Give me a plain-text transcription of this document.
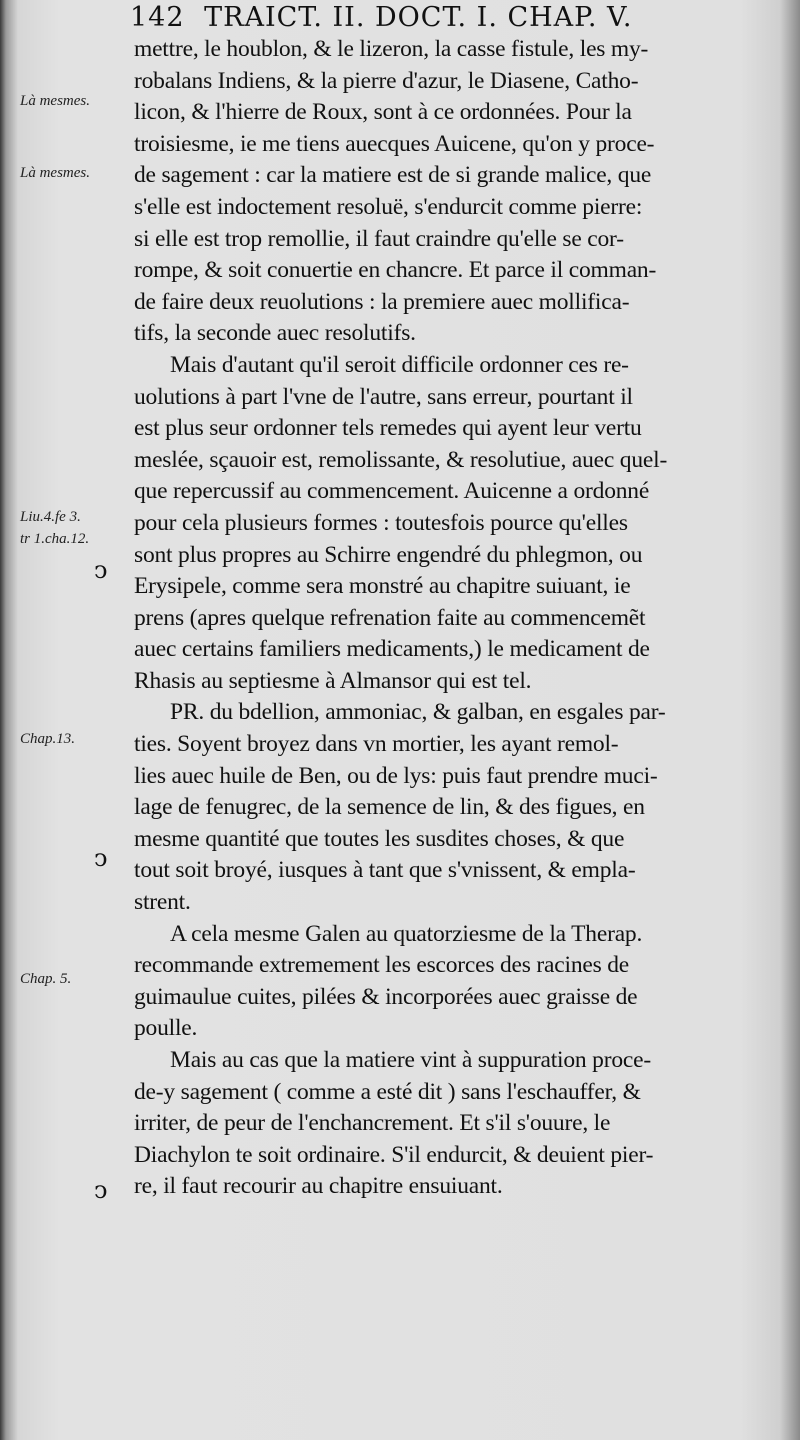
142 TRAICT. II. DOCT. I. CHAP. V.
Là mesmes.
Là mesmes.
Liu.4.fe 3.
tr 1.cha.12.
Chap.13.
Chap. 5.
ↄ
ↄ
ↄ
mettre, le houblon, & le lizeron, la casse fistule, les my-
robalans Indiens, & la pierre d'azur, le Diasene, Catho-
licon, & l'hierre de Roux, sont à ce ordonnées. Pour la
troisiesme, ie me tiens auecques Auicene, qu'on y proce-
de sagement : car la matiere est de si grande malice, que
s'elle est indoctement resoluë, s'endurcit comme pierre:
si elle est trop remollie, il faut craindre qu'elle se cor-
rompe, & soit conuertie en chancre. Et parce il comman-
de faire deux reuolutions : la premiere auec mollifica-
tifs, la seconde auec resolutifs.
Mais d'autant qu'il seroit difficile ordonner ces re-
uolutions à part l'vne de l'autre, sans erreur, pourtant il
est plus seur ordonner tels remedes qui ayent leur vertu
meslée, sçauoir est, remolissante, & resolutiue, auec quel-
que repercussif au commencement. Auicenne a ordonné
pour cela plusieurs formes : toutesfois pource qu'elles
sont plus propres au Schirre engendré du phlegmon, ou
Erysipele, comme sera monstré au chapitre suiuant, ie
prens (apres quelque refrenation faite au commencemẽt
auec certains familiers medicaments,) le medicament de
Rhasis au septiesme à Almansor qui est tel.
PR. du bdellion, ammoniac, & galban, en esgales par-
ties. Soyent broyez dans vn mortier, les ayant remol-
lies auec huile de Ben, ou de lys: puis faut prendre muci-
lage de fenugrec, de la semence de lin, & des figues, en
mesme quantité que toutes les susdites choses, & que
tout soit broyé, iusques à tant que s'vnissent, & empla-
strent.
A cela mesme Galen au quatorziesme de la Therap.
recommande extremement les escorces des racines de
guimaulue cuites, pilées & incorporées auec graisse de
poulle.
Mais au cas que la matiere vint à suppuration proce-
de-y sagement ( comme a esté dit ) sans l'eschauffer, &
irriter, de peur de l'enchancrement. Et s'il s'ouure, le
Diachylon te soit ordinaire. S'il endurcit, & deuient pier-
re, il faut recourir au chapitre ensuiuant.
